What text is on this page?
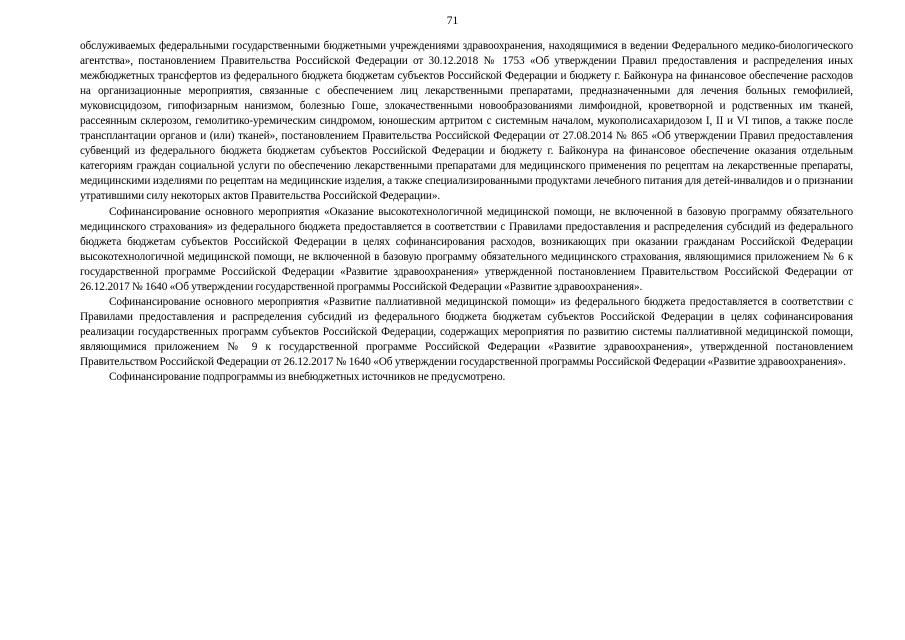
71

обслуживаемых федеральными государственными бюджетными учреждениями здравоохранения, находящимися в ведении Федерального медико-биологического агентства», постановлением Правительства Российской Федерации от 30.12.2018 № 1753 «Об утверждении Правил предоставления и распределения иных межбюджетных трансфертов из федерального бюджета бюджетам субъектов Российской Федерации и бюджету г. Байконура на финансовое обеспечение расходов на организационные мероприятия, связанные с обеспечением лиц лекарственными препаратами, предназначенными для лечения больных гемофилией, муковисцидозом, гипофизарным нанизмом, болезнью Гоше, злокачественными новообразованиями лимфоидной, кроветворной и родственных им тканей, рассеянным склерозом, гемолитико-уремическим синдромом, юношеским артритом с системным началом, мукополисахаридозом I, II и VI типов, а также после трансплантации органов и (или) тканей», постановлением Правительства Российской Федерации от 27.08.2014 № 865 «Об утверждении Правил предоставления субвенций из федерального бюджета бюджетам субъектов Российской Федерации и бюджету г. Байконура на финансовое обеспечение оказания отдельным категориям граждан социальной услуги по обеспечению лекарственными препаратами для медицинского применения по рецептам на лекарственные препараты, медицинскими изделиями по рецептам на медицинские изделия, а также специализированными продуктами лечебного питания для детей-инвалидов и о признании утратившими силу некоторых актов Правительства Российской Федерации».

Софинансирование основного мероприятия «Оказание высокотехнологичной медицинской помощи, не включенной в базовую программу обязательного медицинского страхования» из федерального бюджета предоставляется в соответствии с Правилами предоставления и распределения субсидий из федерального бюджета бюджетам субъектов Российской Федерации в целях софинансирования расходов, возникающих при оказании гражданам Российской Федерации высокотехнологичной медицинской помощи, не включенной в базовую программу обязательного медицинского страхования, являющимися приложением № 6 к государственной программе Российской Федерации «Развитие здравоохранения» утвержденной постановлением Правительством Российской Федерации от 26.12.2017 № 1640 «Об утверждении государственной программы Российской Федерации «Развитие здравоохранения».

Софинансирование основного мероприятия «Развитие паллиативной медицинской помощи» из федерального бюджета предоставляется в соответствии с Правилами предоставления и распределения субсидий из федерального бюджета бюджетам субъектов Российской Федерации в целях софинансирования реализации государственных программ субъектов Российской Федерации, содержащих мероприятия по развитию системы паллиативной медицинской помощи, являющимися приложением № 9 к государственной программе Российской Федерации «Развитие здравоохранения», утвержденной постановлением Правительством Российской Федерации от 26.12.2017 № 1640 «Об утверждении государственной программы Российской Федерации «Развитие здравоохранения».

Софинансирование подпрограммы из внебюджетных источников не предусмотрено.
